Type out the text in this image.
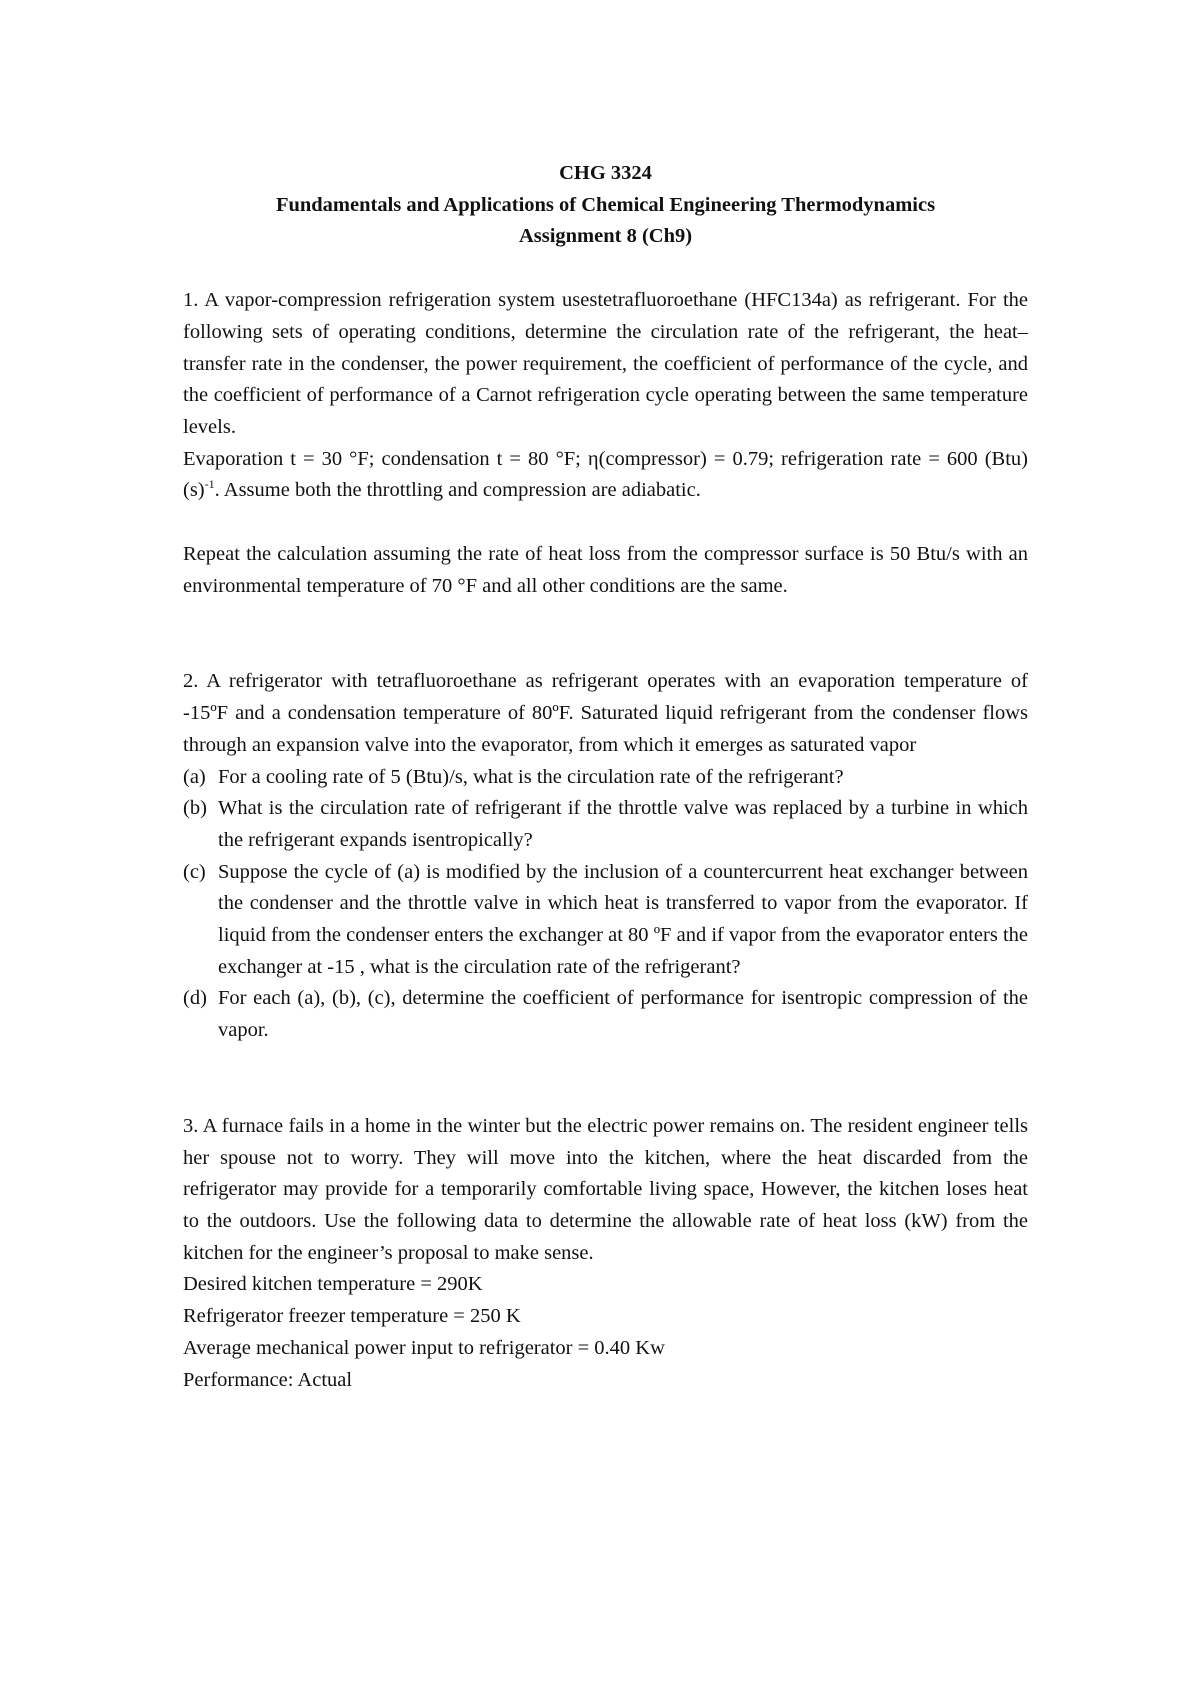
CHG 3324

Fundamentals and Applications of Chemical Engineering Thermodynamics

Assignment 8 (Ch9)

1. A vapor-compression refrigeration system usestetrafluoroethane (HFC134a) as refrigerant. For the following sets of operating conditions, determine the circulation rate of the refrigerant, the heat–transfer rate in the condenser, the power requirement, the coefficient of performance of the cycle, and the coefficient of performance of a Carnot refrigeration cycle operating between the same temperature levels.

Evaporation t = 30 °F; condensation t = 80 °F; η(compressor) = 0.79; refrigeration rate = 600 $(Btu)(s)^{-1}$. Assume both the throttling and compression are adiabatic.

Repeat the calculation assuming the rate of heat loss from the compressor surface is 50 Btu/s with an environmental temperature of 70 °F and all other conditions are the same.

2. A refrigerator with tetrafluoroethane as refrigerant operates with an evaporation temperature of -15ºF and a condensation temperature of 80ºF. Saturated liquid refrigerant from the condenser flows through an expansion valve into the evaporator, from which it emerges as saturated vapor

(a) For a cooling rate of 5 (Btu)/s, what is the circulation rate of the refrigerant?
(b) What is the circulation rate of refrigerant if the throttle valve was replaced by a turbine in which the refrigerant expands isentropically?
(c) Suppose the cycle of (a) is modified by the inclusion of a countercurrent heat exchanger between the condenser and the throttle valve in which heat is transferred to vapor from the evaporator. If liquid from the condenser enters the exchanger at 80 ºF and if vapor from the evaporator enters the exchanger at -15 , what is the circulation rate of the refrigerant?
(d) For each (a), (b), (c), determine the coefficient of performance for isentropic compression of the vapor.

3. A furnace fails in a home in the winter but the electric power remains on. The resident engineer tells her spouse not to worry. They will move into the kitchen, where the heat discarded from the refrigerator may provide for a temporarily comfortable living space, However, the kitchen loses heat to the outdoors. Use the following data to determine the allowable rate of heat loss (kW) from the kitchen for the engineer’s proposal to make sense.

Desired kitchen temperature = 290K

Refrigerator freezer temperature = 250 K

Average mechanical power input to refrigerator = 0.40 Kw

Performance: Actual
